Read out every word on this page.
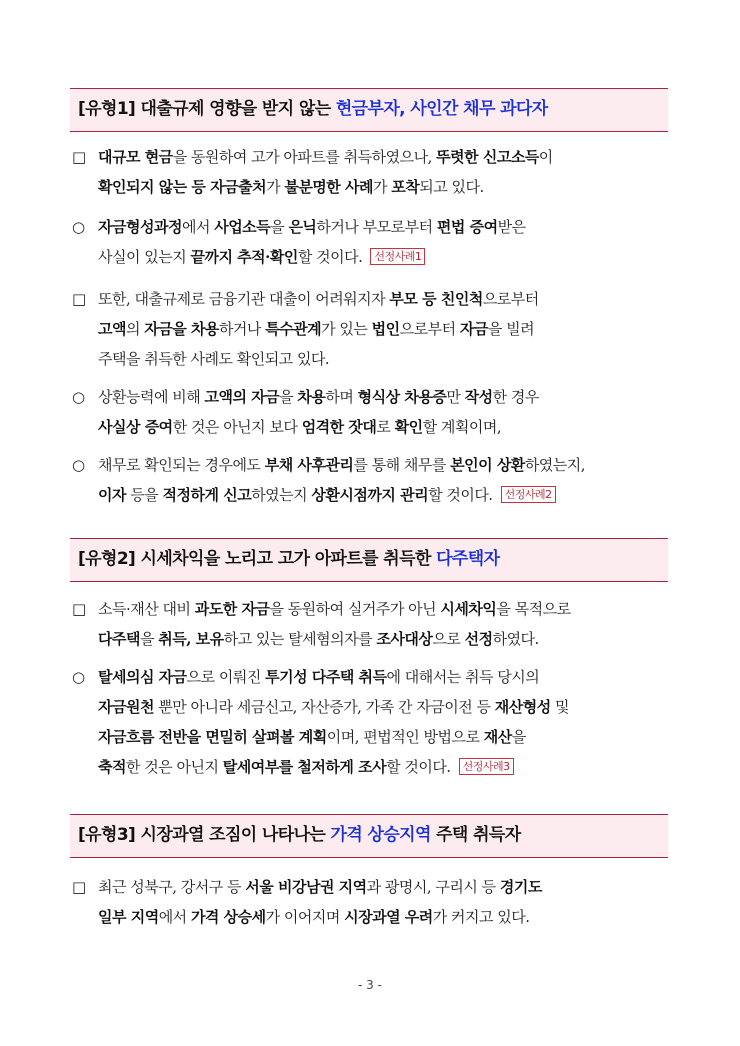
[유형1] 대출규제 영향을 받지 않는 현금부자, 사인간 채무 과다자
□ 대규모 현금을 동원하여 고가 아파트를 취득하였으나, 뚜렷한 신고소득이
확인되지 않는 등 자금출처가 불분명한 사례가 포착되고 있다.
○ 자금형성과정에서 사업소득을 은닉하거나 부모로부터 편법 증여받은
사실이 있는지 끝까지 추적·확인할 것이다. 선정사례1
□ 또한, 대출규제로 금융기관 대출이 어려워지자 부모 등 친인척으로부터
고액의 자금을 차용하거나 특수관계가 있는 법인으로부터 자금을 빌려
주택을 취득한 사례도 확인되고 있다.
○ 상환능력에 비해 고액의 자금을 차용하며 형식상 차용증만 작성한 경우
사실상 증여한 것은 아닌지 보다 엄격한 잣대로 확인할 계획이며,
○ 채무로 확인되는 경우에도 부채 사후관리를 통해 채무를 본인이 상환하였는지,
이자 등을 적정하게 신고하였는지 상환시점까지 관리할 것이다. 선정사례2
[유형2] 시세차익을 노리고 고가 아파트를 취득한 다주택자
□ 소득·재산 대비 과도한 자금을 동원하여 실거주가 아닌 시세차익을 목적으로
다주택을 취득, 보유하고 있는 탈세혐의자를 조사대상으로 선정하였다.
○ 탈세의심 자금으로 이뤄진 투기성 다주택 취득에 대해서는 취득 당시의
자금원천 뿐만 아니라 세금신고, 자산증가, 가족 간 자금이전 등 재산형성 및
자금흐름 전반을 면밀히 살펴볼 계획이며, 편법적인 방법으로 재산을
축적한 것은 아닌지 탈세여부를 철저하게 조사할 것이다. 선정사례3
[유형3] 시장과열 조짐이 나타나는 가격 상승지역 주택 취득자
□ 최근 성북구, 강서구 등 서울 비강남권 지역과 광명시, 구리시 등 경기도
일부 지역에서 가격 상승세가 이어지며 시장과열 우려가 커지고 있다.
- 3 -
